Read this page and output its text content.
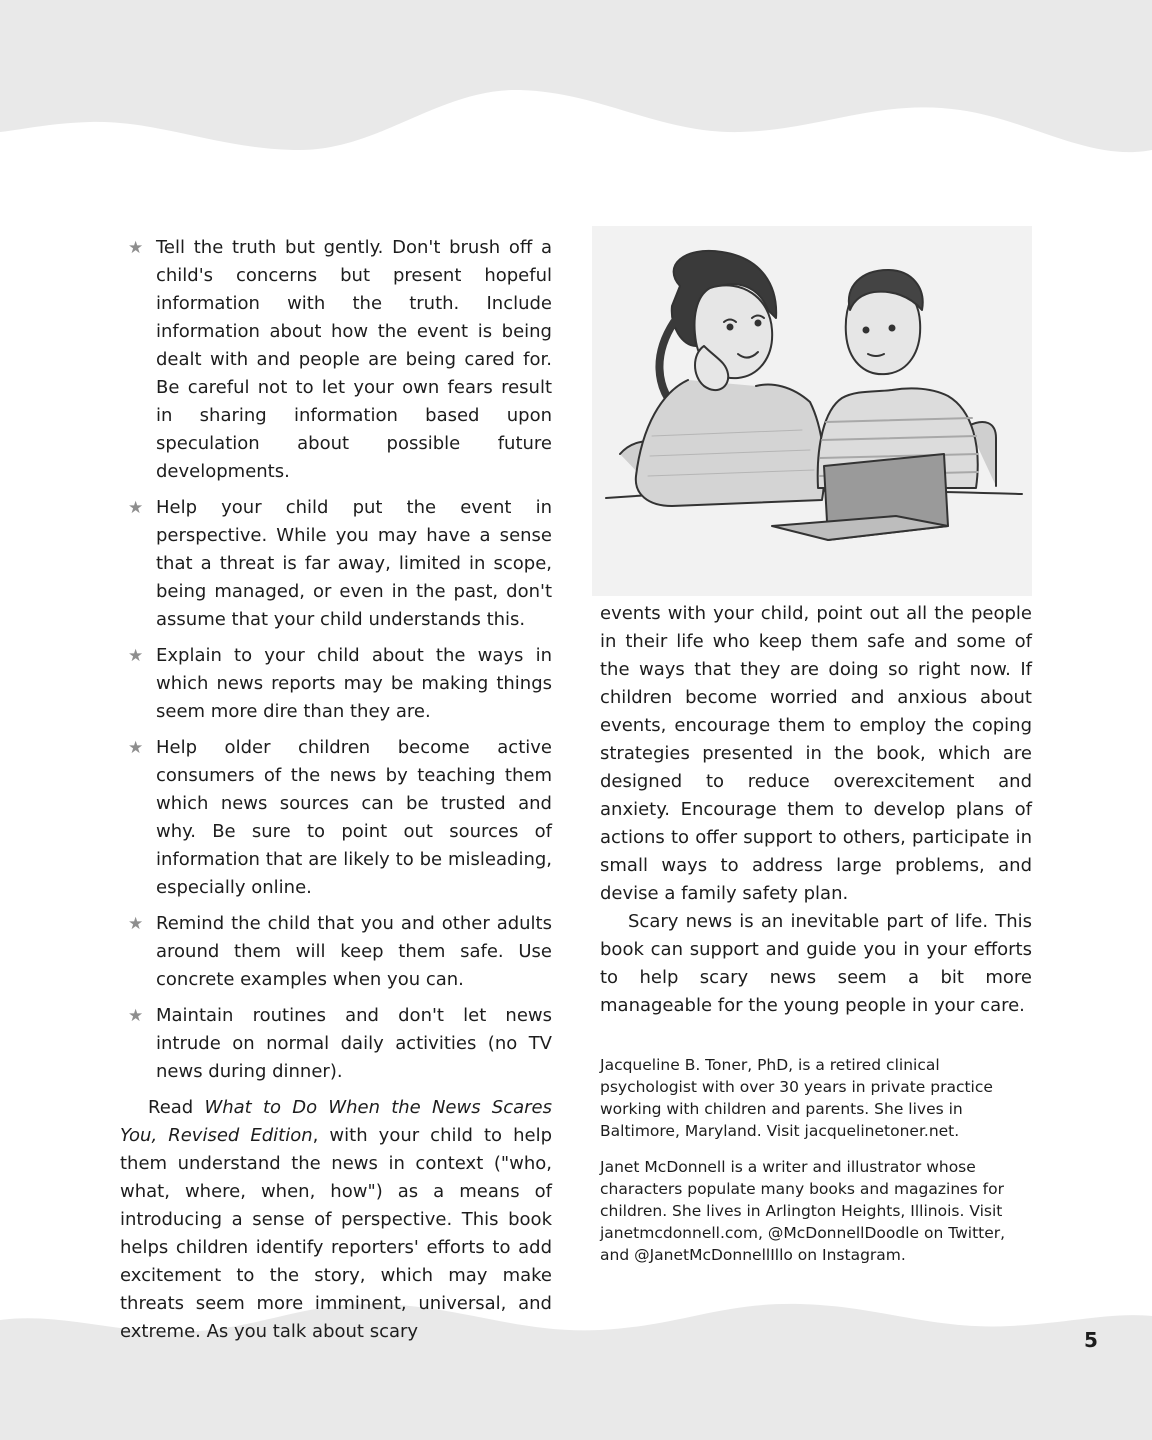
★ Tell the truth but gently. Don't brush off a child's concerns but present hopeful information with the truth. Include information about how the event is being dealt with and people are being cared for. Be careful not to let your own fears result in sharing information based upon speculation about possible future developments.
★ Help your child put the event in perspective. While you may have a sense that a threat is far away, limited in scope, being managed, or even in the past, don't assume that your child understands this.
★ Explain to your child about the ways in which news reports may be making things seem more dire than they are.
★ Help older children become active consumers of the news by teaching them which news sources can be trusted and why. Be sure to point out sources of information that are likely to be misleading, especially online.
★ Remind the child that you and other adults around them will keep them safe. Use concrete examples when you can.
★ Maintain routines and don't let news intrude on normal daily activities (no TV news during dinner).

Read What to Do When the News Scares You, Revised Edition, with your child to help them understand the news in context ("who, what, where, when, how") as a means of introducing a sense of perspective. This book helps children identify reporters' efforts to add excitement to the story, which may make threats seem more imminent, universal, and extreme. As you talk about scary

events with your child, point out all the people in their life who keep them safe and some of the ways that they are doing so right now. If children become worried and anxious about events, encourage them to employ the coping strategies presented in the book, which are designed to reduce overexcitement and anxiety. Encourage them to develop plans of actions to offer support to others, participate in small ways to address large problems, and devise a family safety plan.

Scary news is an inevitable part of life. This book can support and guide you in your efforts to help scary news seem a bit more manageable for the young people in your care.

Jacqueline B. Toner, PhD, is a retired clinical psychologist with over 30 years in private practice working with children and parents. She lives in Baltimore, Maryland. Visit jacquelinetoner.net.

Janet McDonnell is a writer and illustrator whose characters populate many books and magazines for children. She lives in Arlington Heights, Illinois. Visit janetmcdonnell.com, @McDonnellDoodle on Twitter, and @JanetMcDonnellIllo on Instagram.

5
